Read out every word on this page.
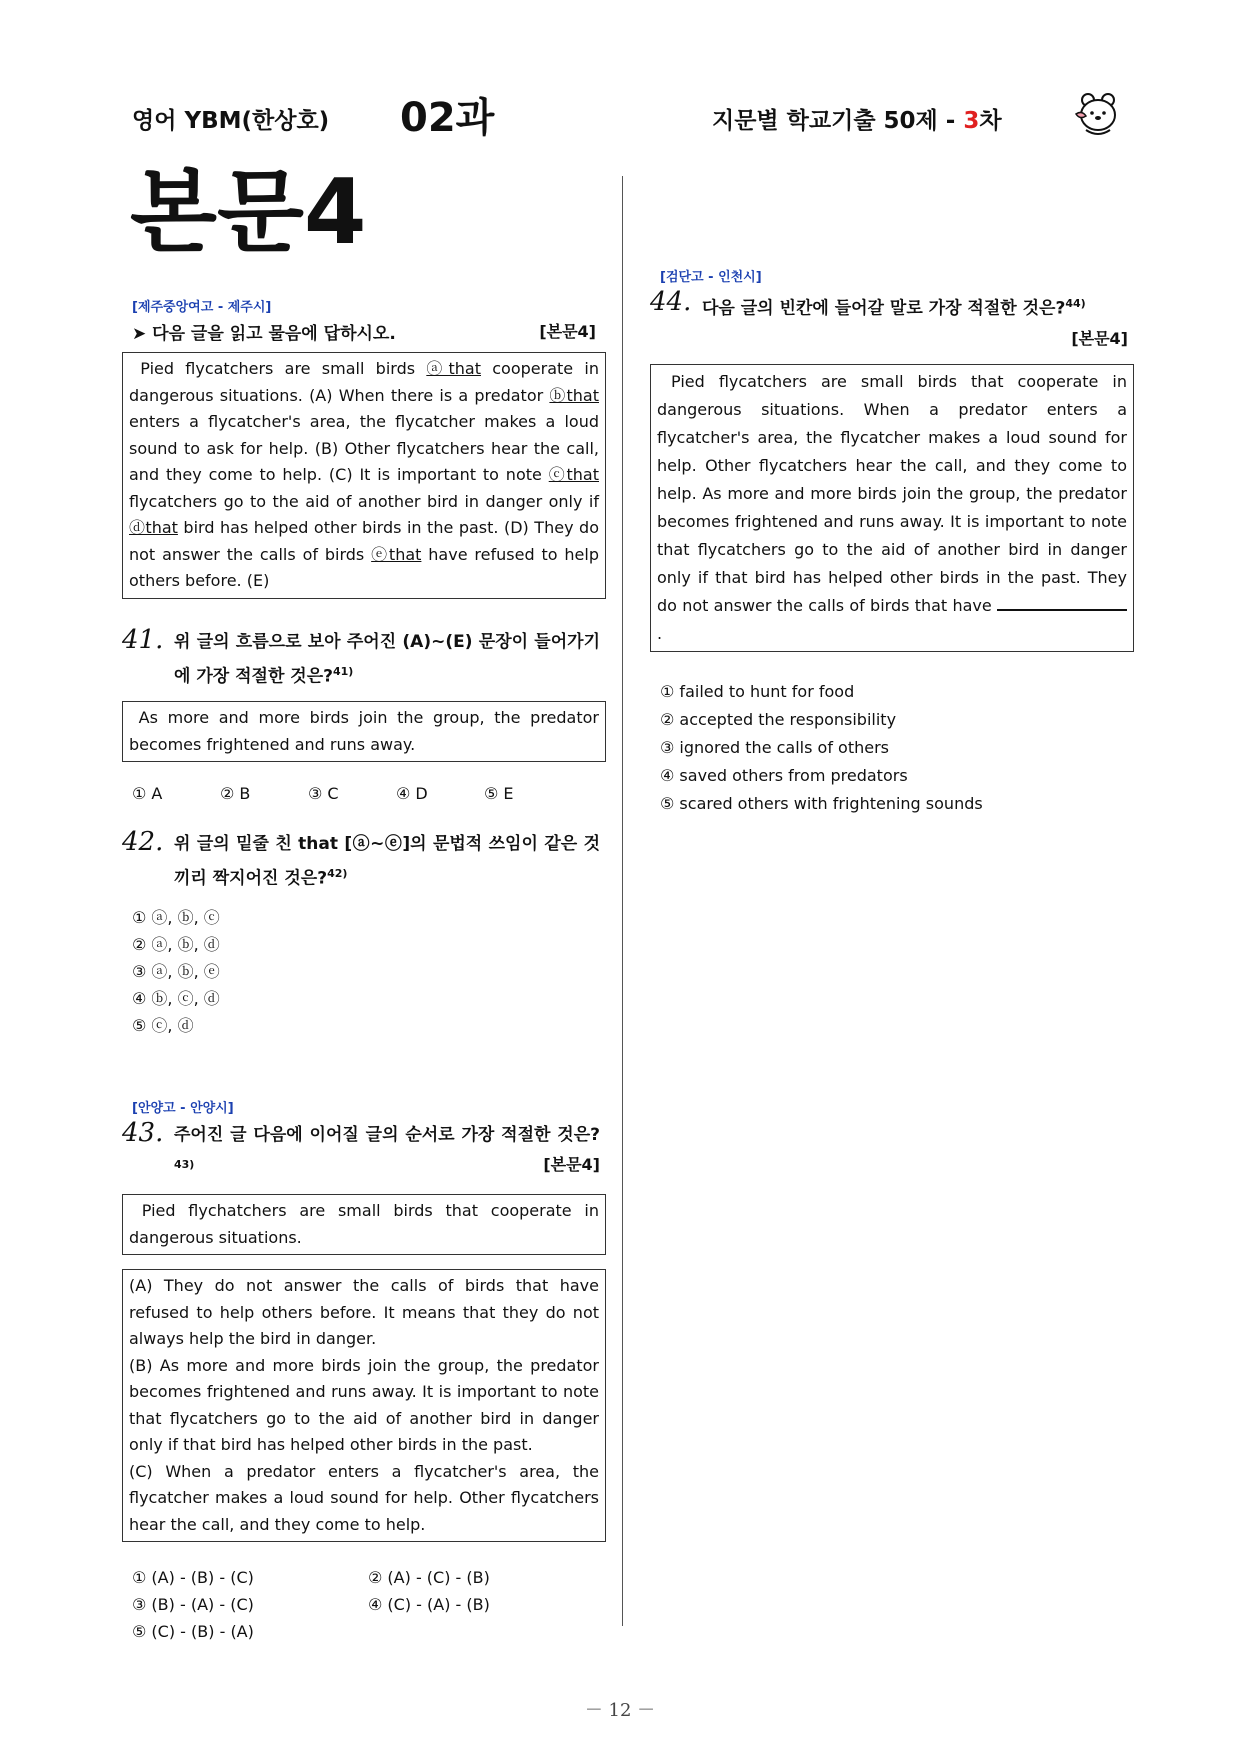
영어 YBM(한상호) 02과	지문별 학교기출 50제 - 3차
본문4
[제주중앙여고 - 제주시]
➤ 다음 글을 읽고 물음에 답하시오.	[본문4]

Pied flycatchers are small birds ⓐthat cooperate in dangerous situations. (A) When there is a predator ⓑthat enters a flycatcher's area, the flycatcher makes a loud sound to ask for help. (B) Other flycatchers hear the call, and they come to help. (C) It is important to note ⓒthat flycatchers go to the aid of another bird in danger only if ⓓthat bird has helped other birds in the past. (D) They do not answer the calls of birds ⓔthat have refused to help others before. (E)

41. 위 글의 흐름으로 보아 주어진 (A)~(E) 문장이 들어가기에 가장 적절한 것은?$^{41)}$

As more and more birds join the group, the predator becomes frightened and runs away.

① A	② B	③ C	④ D	⑤ E
42. 위 글의 밑줄 친 that [ⓐ~ⓔ]의 문법적 쓰임이 같은 것끼리 짝지어진 것은?$^{42)}$
① ⓐ, ⓑ, ⓒ
② ⓐ, ⓑ, ⓓ
③ ⓐ, ⓑ, ⓔ
④ ⓑ, ⓒ, ⓓ
⑤ ⓒ, ⓓ
[안양고 - 안양시]
43. 주어진 글 다음에 이어질 글의 순서로 가장 적절한 것은?$^{43)}$	[본문4]

Pied flychatchers are small birds that cooperate in dangerous situations.

(A) They do not answer the calls of birds that have refused to help others before. It means that they do not always help the bird in danger.

(B) As more and more birds join the group, the predator becomes frightened and runs away. It is important to note that flycatchers go to the aid of another bird in danger only if that bird has helped other birds in the past.

(C) When a predator enters a flycatcher's area, the flycatcher makes a loud sound for help. Other flycatchers hear the call, and they come to help.

① (A) - (B) - (C)	② (A) - (C) - (B)
③ (B) - (A) - (C)	④ (C) - (A) - (B)
⑤ (C) - (B) - (A)
[검단고 - 인천시]
44. 다음 글의 빈칸에 들어갈 말로 가장 적절한 것은?$^{44)}$

[본문4]

Pied flycatchers are small birds that cooperate in dangerous situations. When a predator enters a flycatcher's area, the flycatcher makes a loud sound for help. Other flycatchers hear the call, and they come to help. As more and more birds join the group, the predator becomes frightened and runs away. It is important to note that flycatchers go to the aid of another bird in danger only if that bird has helped other birds in the past. They do not answer the calls of birds that have .

① failed to hunt for food
② accepted the responsibility
③ ignored the calls of others
④ saved others from predators
⑤ scared others with frightening sounds
－ 12 －
